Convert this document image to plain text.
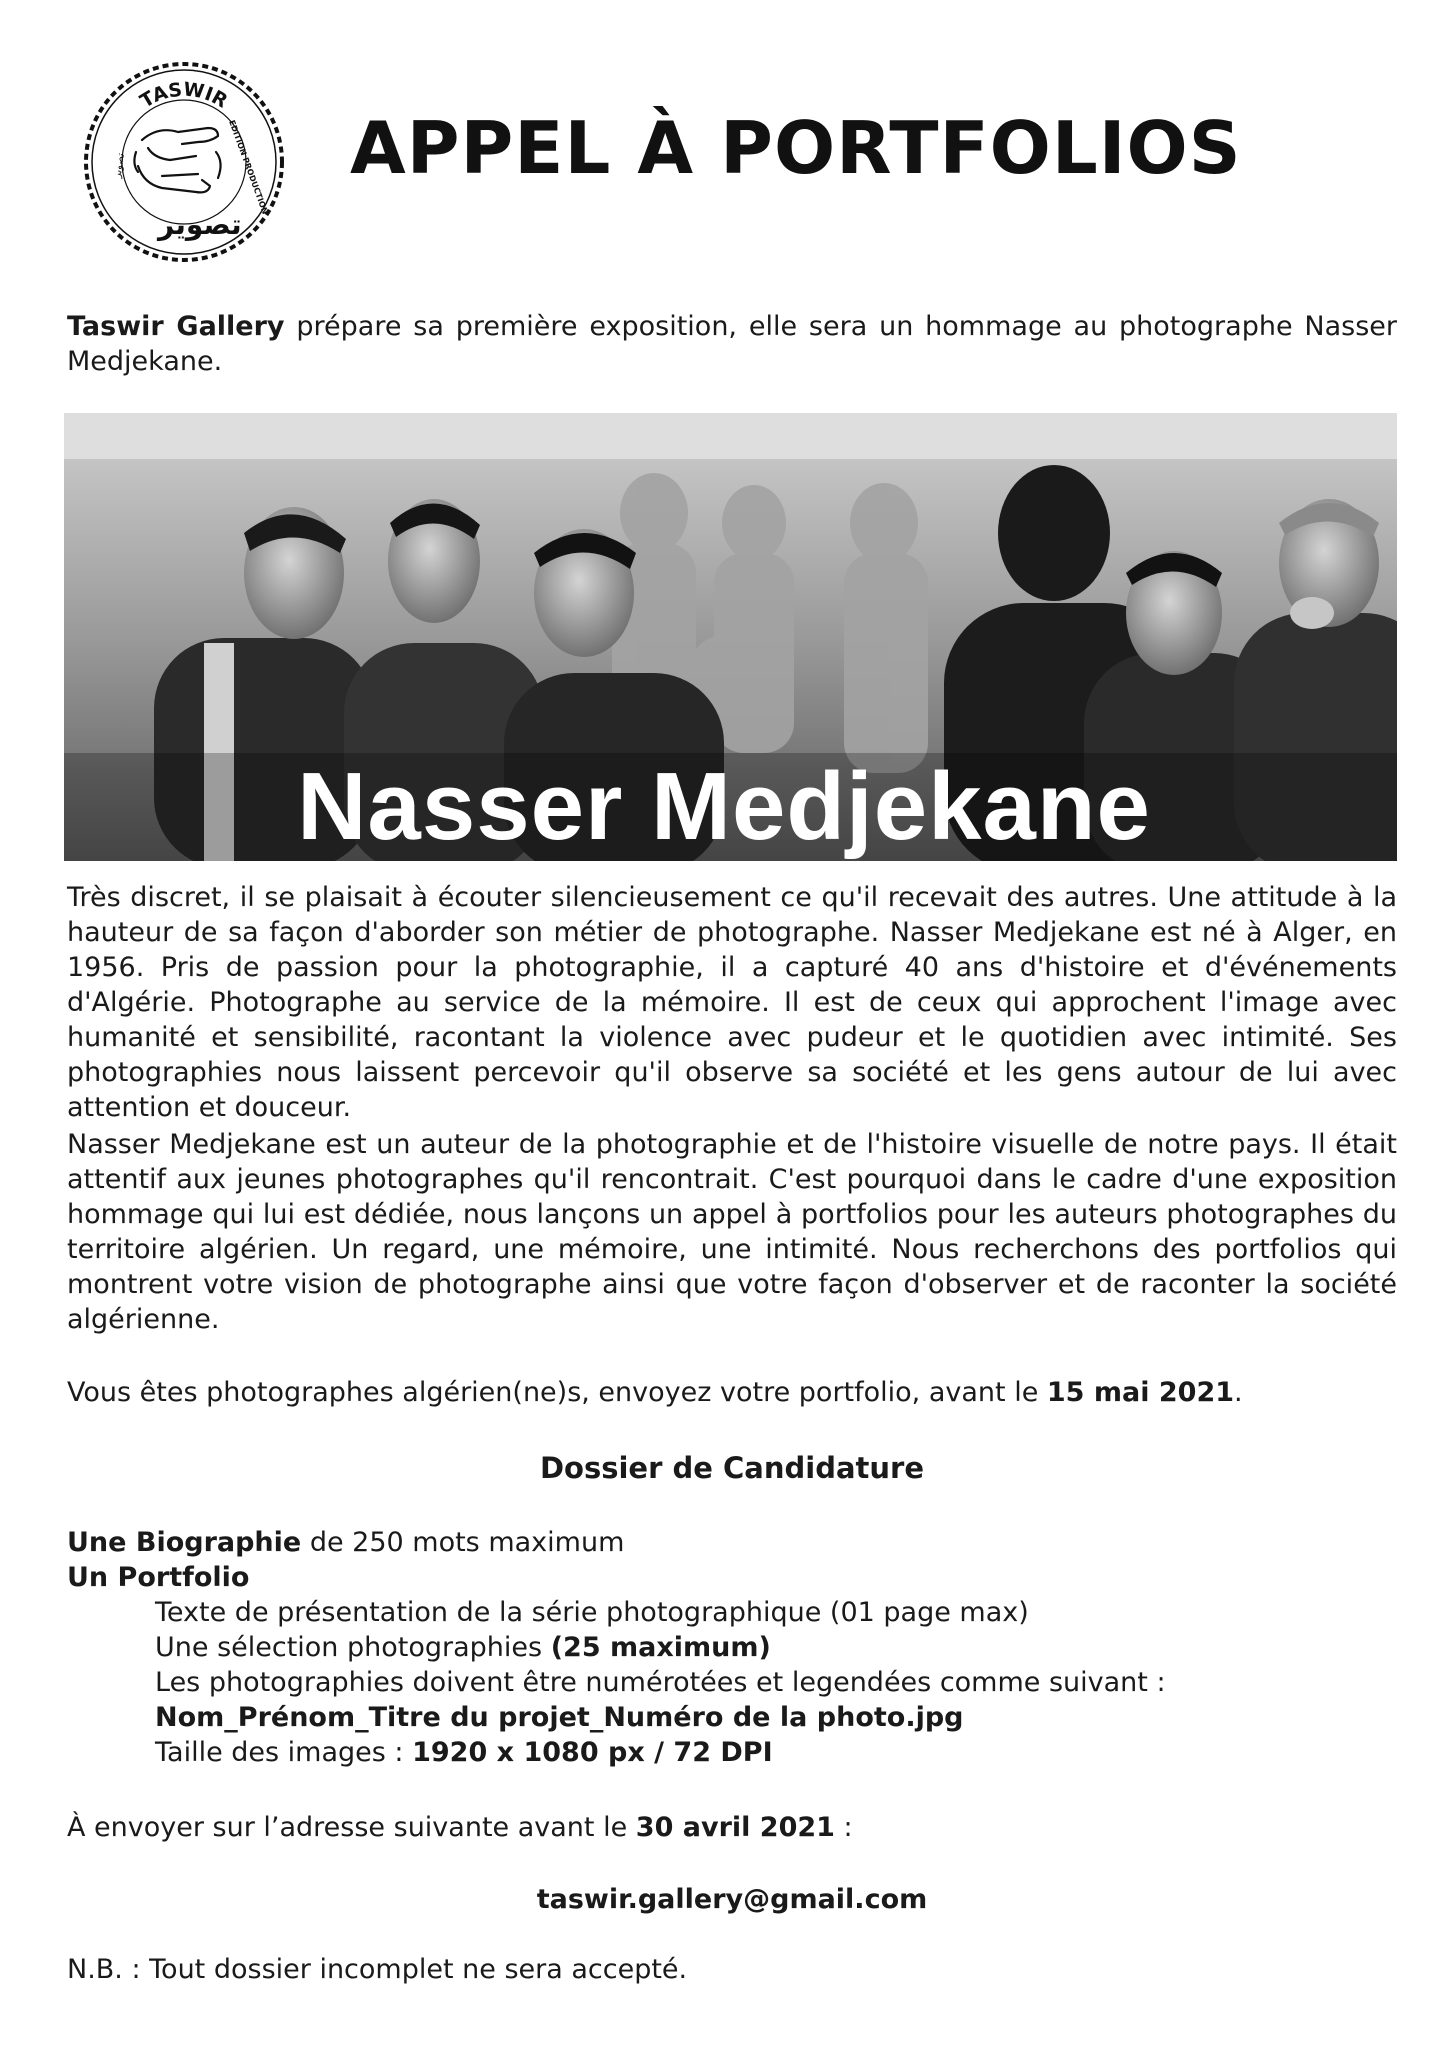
TASWIR
EDITION PRODUCTION
تصوير
تصوير	APPEL À PORTFOLIOS
Taswir Gallery prépare sa première exposition, elle sera un hommage au photographe Nasser Medjekane.
Nasser Medjekane
Très discret, il se plaisait à écouter silencieusement ce qu'il recevait des autres. Une attitude à la hauteur de sa façon d'aborder son métier de photographe. Nasser Medjekane est né à Alger, en 1956. Pris de passion pour la photographie, il a capturé 40 ans d'histoire et d'événements d'Algérie. Photographe au service de la mémoire. Il est de ceux qui approchent l'image avec humanité et sensibilité, racontant la violence avec pudeur et le quotidien avec intimité. Ses photographies nous laissent percevoir qu'il observe sa société et les gens autour de lui avec attention et douceur.
Nasser Medjekane est un auteur de la photographie et de l'histoire visuelle de notre pays. Il était attentif aux jeunes photographes qu'il rencontrait. C'est pourquoi dans le cadre d'une exposition hommage qui lui est dédiée, nous lançons un appel à portfolios pour les auteurs photographes du territoire algérien. Un regard, une mémoire, une intimité. Nous recherchons des portfolios qui montrent votre vision de photographe ainsi que votre façon d'observer et de raconter la société algérienne.
Vous êtes photographes algérien(ne)s, envoyez votre portfolio, avant le 15 mai 2021.
Dossier de Candidature
Une Biographie de 250 mots maximum
Un Portfolio
Texte de présentation de la série photographique (01 page max)
Une sélection photographies (25 maximum)
Les photographies doivent être numérotées et legendées comme suivant :
Nom_Prénom_Titre du projet_Numéro de la photo.jpg
Taille des images : 1920 x 1080 px / 72 DPI
À envoyer sur l’adresse suivante avant le 30 avril 2021 :
taswir.gallery@gmail.com
N.B. : Tout dossier incomplet ne sera accepté.
